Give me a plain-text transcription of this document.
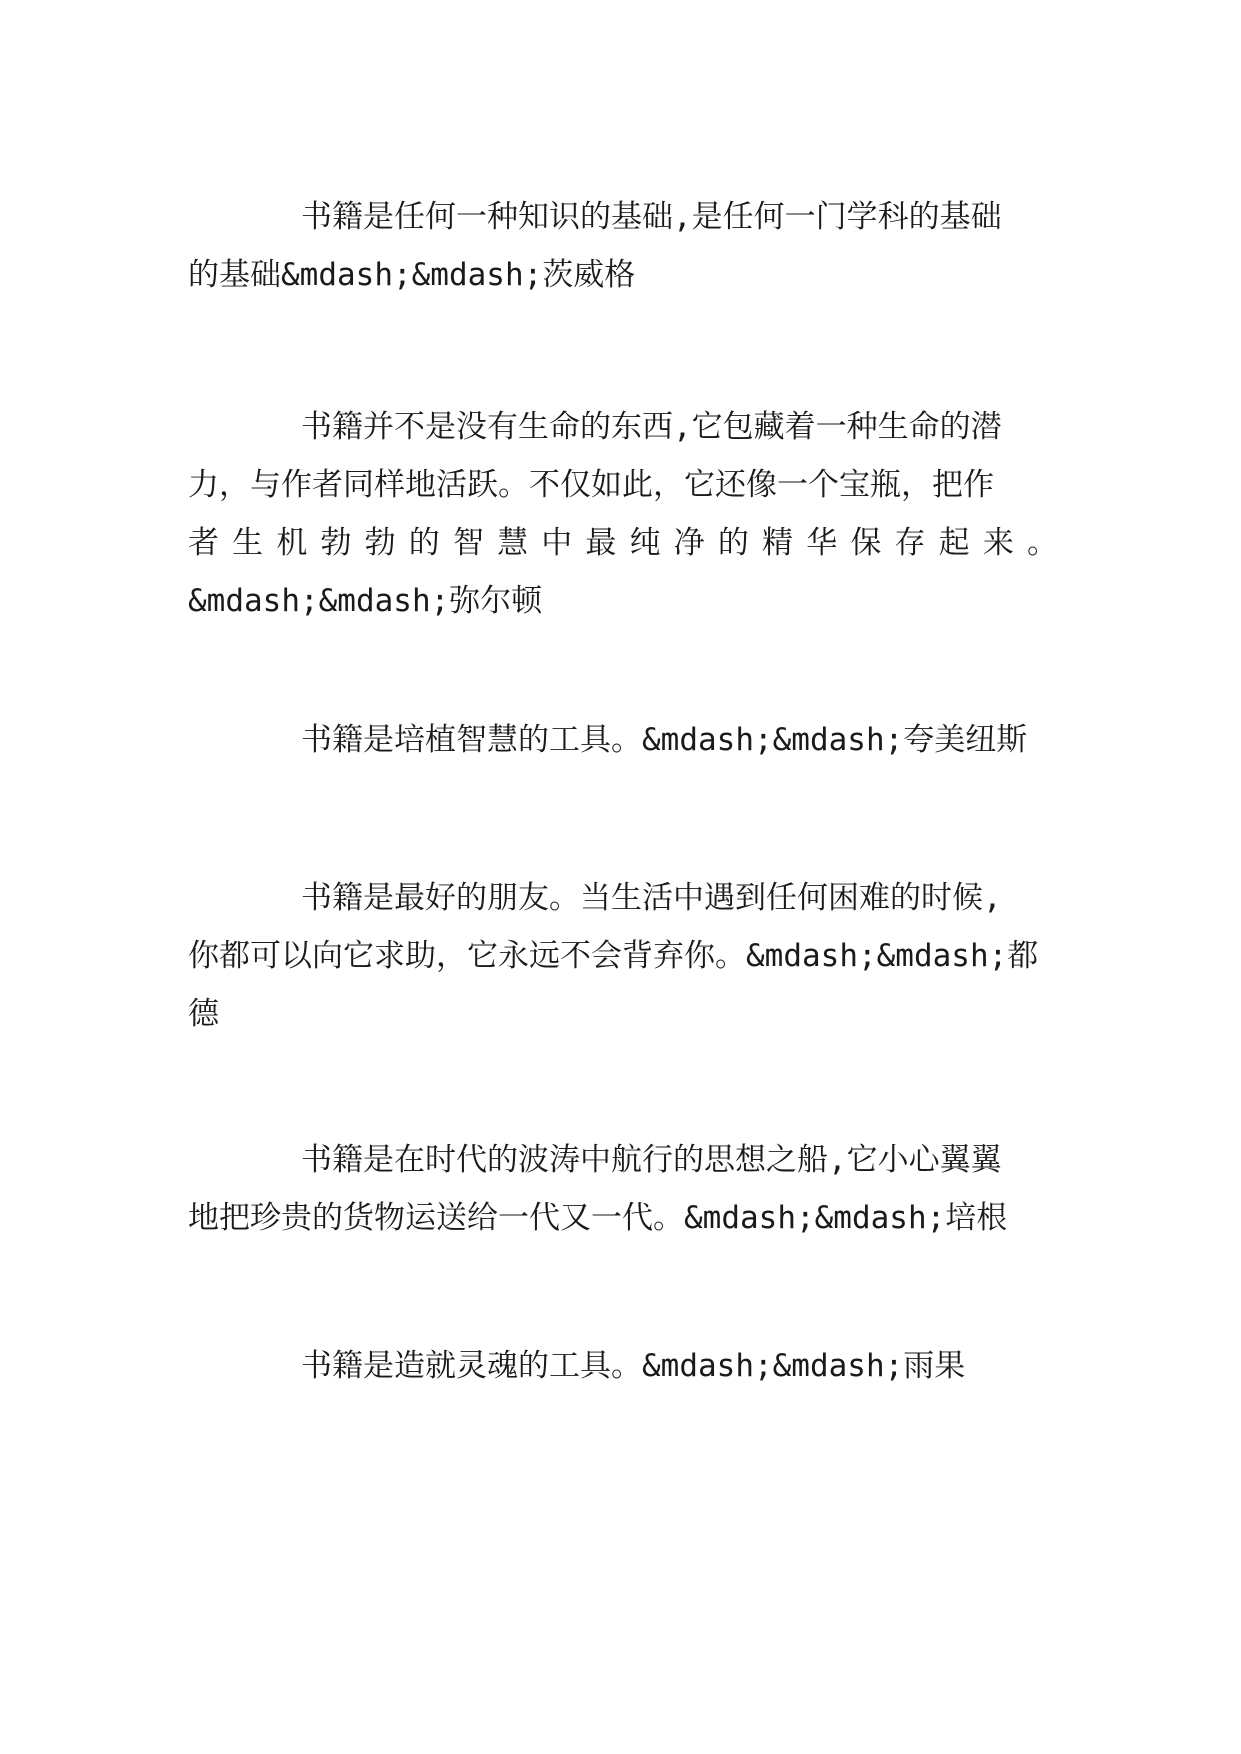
书籍是任何一种知识的基础,是任何一门学科的基础
的基础&mdash;&mdash;茨威格
书籍并不是没有生命的东西,它包藏着一种生命的潜
力，与作者同样地活跃。不仅如此，它还像一个宝瓶，把作
者 生 机 勃 勃 的 智 慧 中 最 纯 净 的 精 华 保 存 起 来 。
&mdash;&mdash;弥尔顿
书籍是培植智慧的工具。&mdash;&mdash;夸美纽斯
书籍是最好的朋友。当生活中遇到任何困难的时候,
你都可以向它求助，它永远不会背弃你。&mdash;&mdash;都
德
书籍是在时代的波涛中航行的思想之船,它小心翼翼
地把珍贵的货物运送给一代又一代。&mdash;&mdash;培根
书籍是造就灵魂的工具。&mdash;&mdash;雨果
